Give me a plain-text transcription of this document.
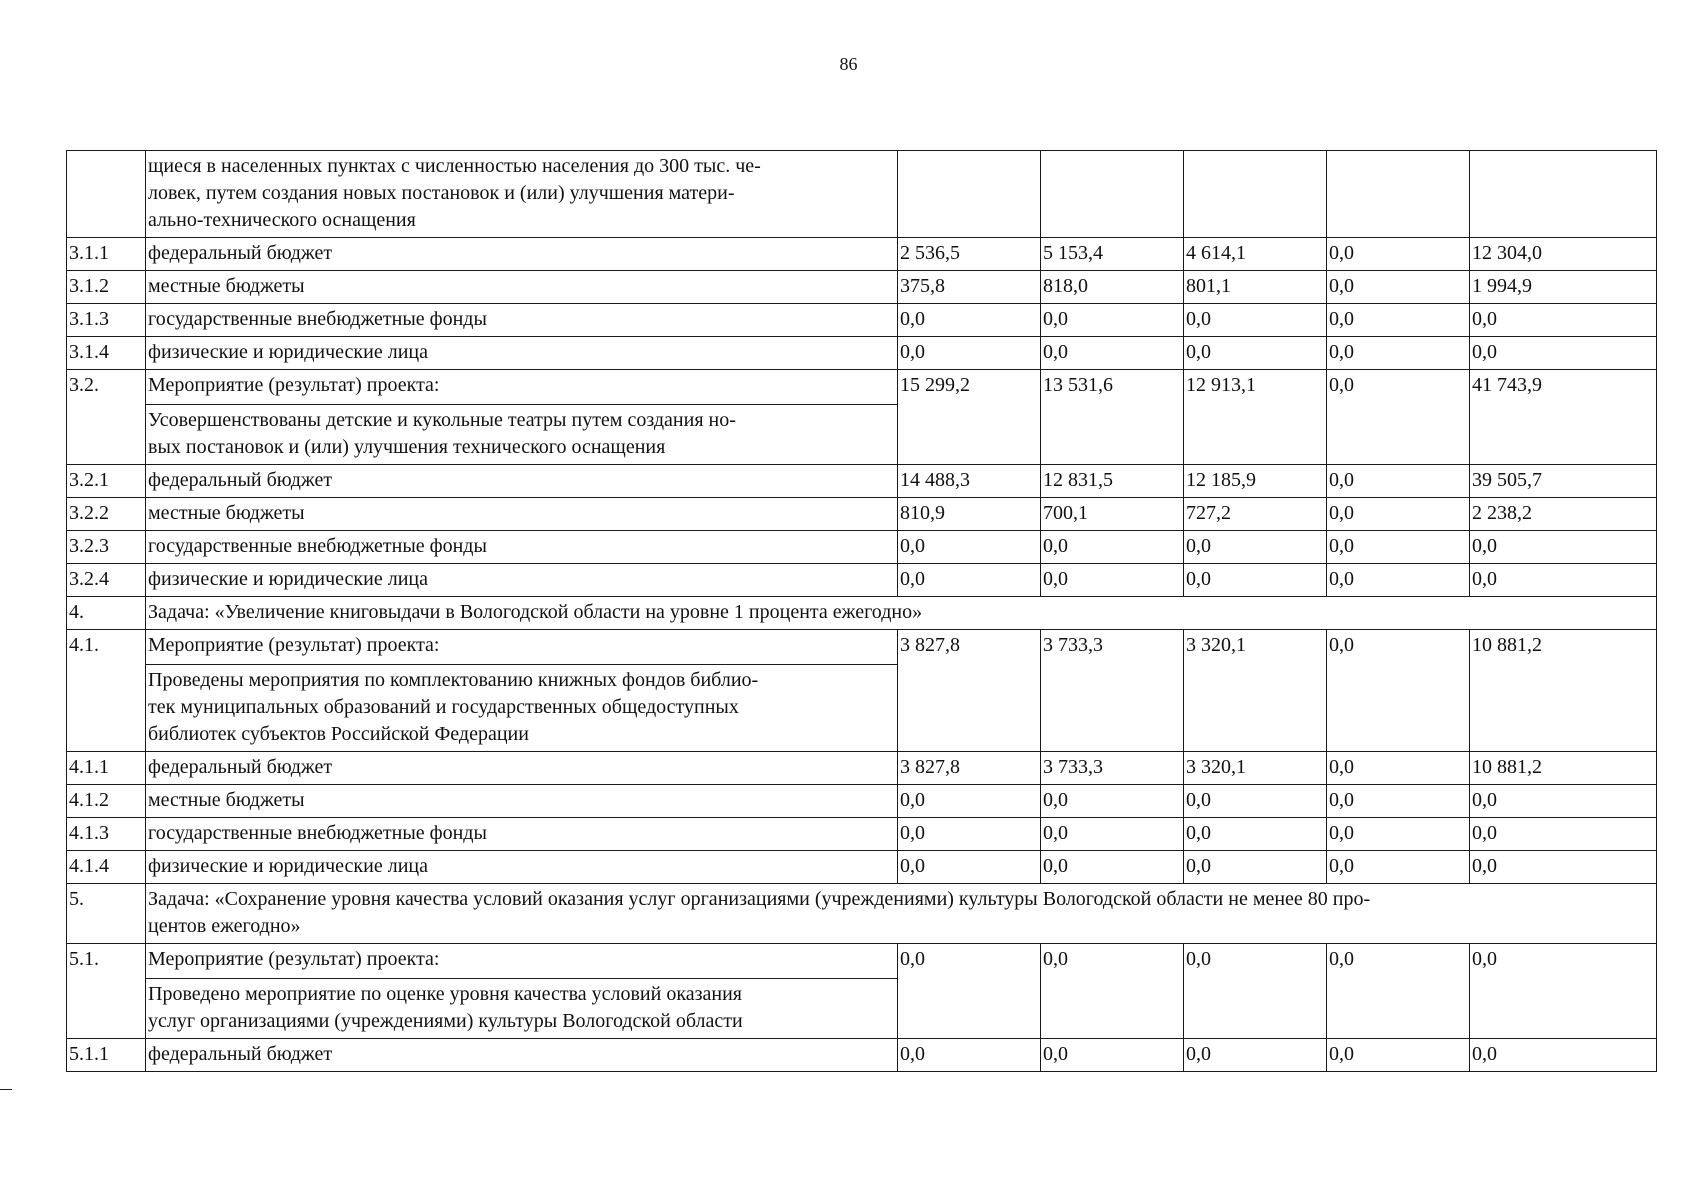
86

	щиеся в населенных пунктах с численностью населения до 300 тыс. че-
ловек, путем создания новых постановок и (или) улучшения матери-
ально-технического оснащения					

3.1.1	федеральный бюджет	2 536,5	5 153,4	4 614,1	0,0	12 304,0
3.1.2	местные бюджеты	375,8	818,0	801,1	0,0	1 994,9
3.1.3	государственные внебюджетные фонды	0,0	0,0	0,0	0,0	0,0
3.1.4	физические и юридические лица	0,0	0,0	0,0	0,0	0,0
3.2.	Мероприятие (результат) проекта:	15 299,2	13 531,6	12 913,1	0,0	41 743,9

	Усовершенствованы детские и кукольные театры путем создания но-
вых постановок и (или) улучшения технического оснащения					

3.2.1	федеральный бюджет	14 488,3	12 831,5	12 185,9	0,0	39 505,7
3.2.2	местные бюджеты	810,9	700,1	727,2	0,0	2 238,2
3.2.3	государственные внебюджетные фонды	0,0	0,0	0,0	0,0	0,0
3.2.4	физические и юридические лица	0,0	0,0	0,0	0,0	0,0
4.	Задача: «Увеличение книговыдачи в Вологодской области на уровне 1 процента ежегодно»					

4.1.	Мероприятие (результат) проекта:	3 827,8	3 733,3	3 320,1	0,0	10 881,2

	Проведены мероприятия по комплектованию книжных фондов библио-
тек муниципальных образований и государственных общедоступных
библиотек субъектов Российской Федерации					

4.1.1	федеральный бюджет	3 827,8	3 733,3	3 320,1	0,0	10 881,2
4.1.2	местные бюджеты	0,0	0,0	0,0	0,0	0,0
4.1.3	государственные внебюджетные фонды	0,0	0,0	0,0	0,0	0,0
4.1.4	физические и юридические лица	0,0	0,0	0,0	0,0	0,0
5.	Задача: «Сохранение уровня качества условий оказания услуг организациями (учреждениями) культуры Вологодской области не менее 80 про-
центов ежегодно»					

5.1.	Мероприятие (результат) проекта:	0,0	0,0	0,0	0,0	0,0

	Проведено мероприятие по оценке уровня качества условий оказания
услуг организациями (учреждениями) культуры Вологодской области					

5.1.1	федеральный бюджет	0,0	0,0	0,0	0,0	0,0
